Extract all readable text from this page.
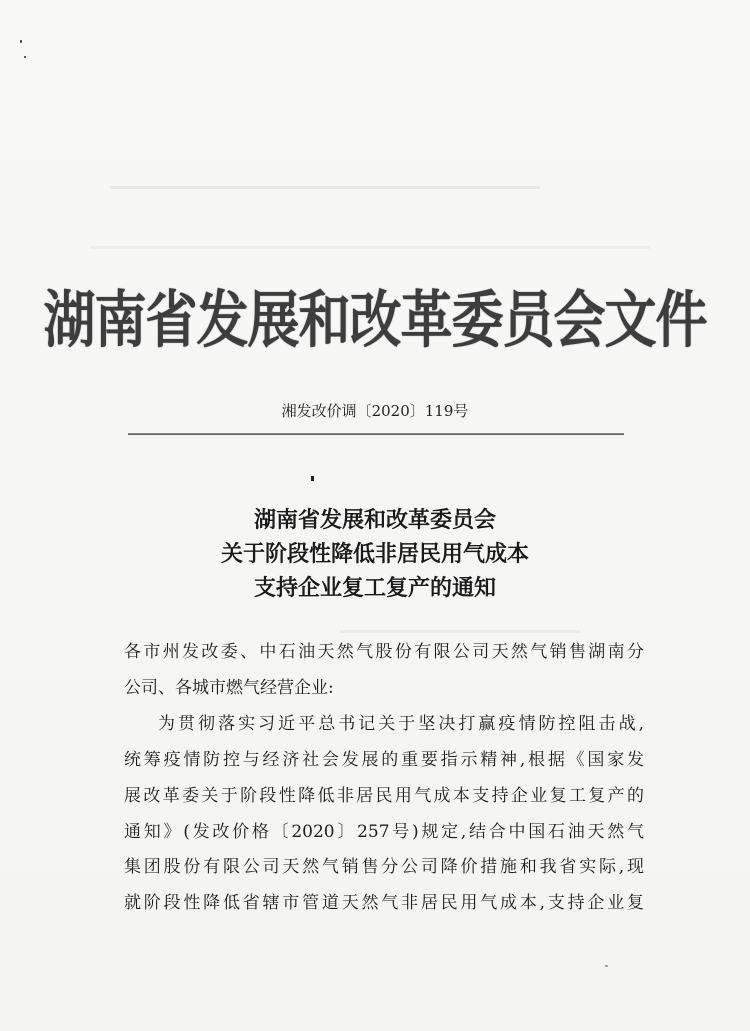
湖南省发展和改革委员会文件
湘发改价调〔2020〕119号
湖南省发展和改革委员会
关于阶段性降低非居民用气成本
支持企业复工复产的通知
各市州发改委、中石油天然气股份有限公司天然气销售湖南分
公司、各城市燃气经营企业:
为贯彻落实习近平总书记关于坚决打赢疫情防控阻击战,
统筹疫情防控与经济社会发展的重要指示精神,根据《国家发
展改革委关于阶段性降低非居民用气成本支持企业复工复产的
通知》(发改价格〔2020〕257号)规定,结合中国石油天然气
集团股份有限公司天然气销售分公司降价措施和我省实际,现
就阶段性降低省辖市管道天然气非居民用气成本,支持企业复
